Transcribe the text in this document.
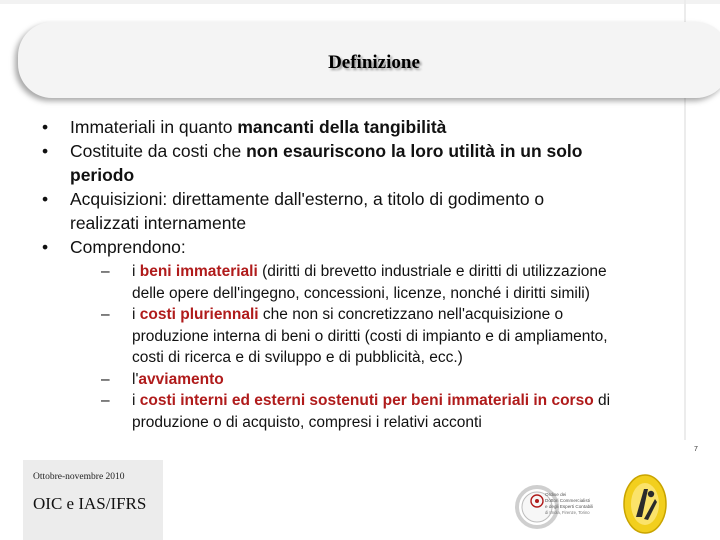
Definizione
• Immateriali in quanto mancanti della tangibilità
• Costituite da costi che non esauriscono la loro utilità in un solo
periodo
• Acquisizioni: direttamente dall'esterno, a titolo di godimento o
realizzati internamente
• Comprendono:
– i beni immateriali (diritti di brevetto industriale e diritti di utilizzazione
delle opere dell'ingegno, concessioni, licenze, nonché i diritti simili)
– i costi pluriennali che non si concretizzano nell'acquisizione o
produzione interna di beni o diritti (costi di impianto e di ampliamento,
costi di ricerca e di sviluppo e di pubblicità, ecc.)
– l'avviamento
– i costi interni ed esterni sostenuti per beni immateriali in corso di
produzione o di acquisto, compresi i relativi acconti
7
Ottobre-novembre 2010
OIC e IAS/IFRS	Ordine dei
Dottori Commercialisti
e degli Esperti Contabili
di Imola, Firenze, Torino
